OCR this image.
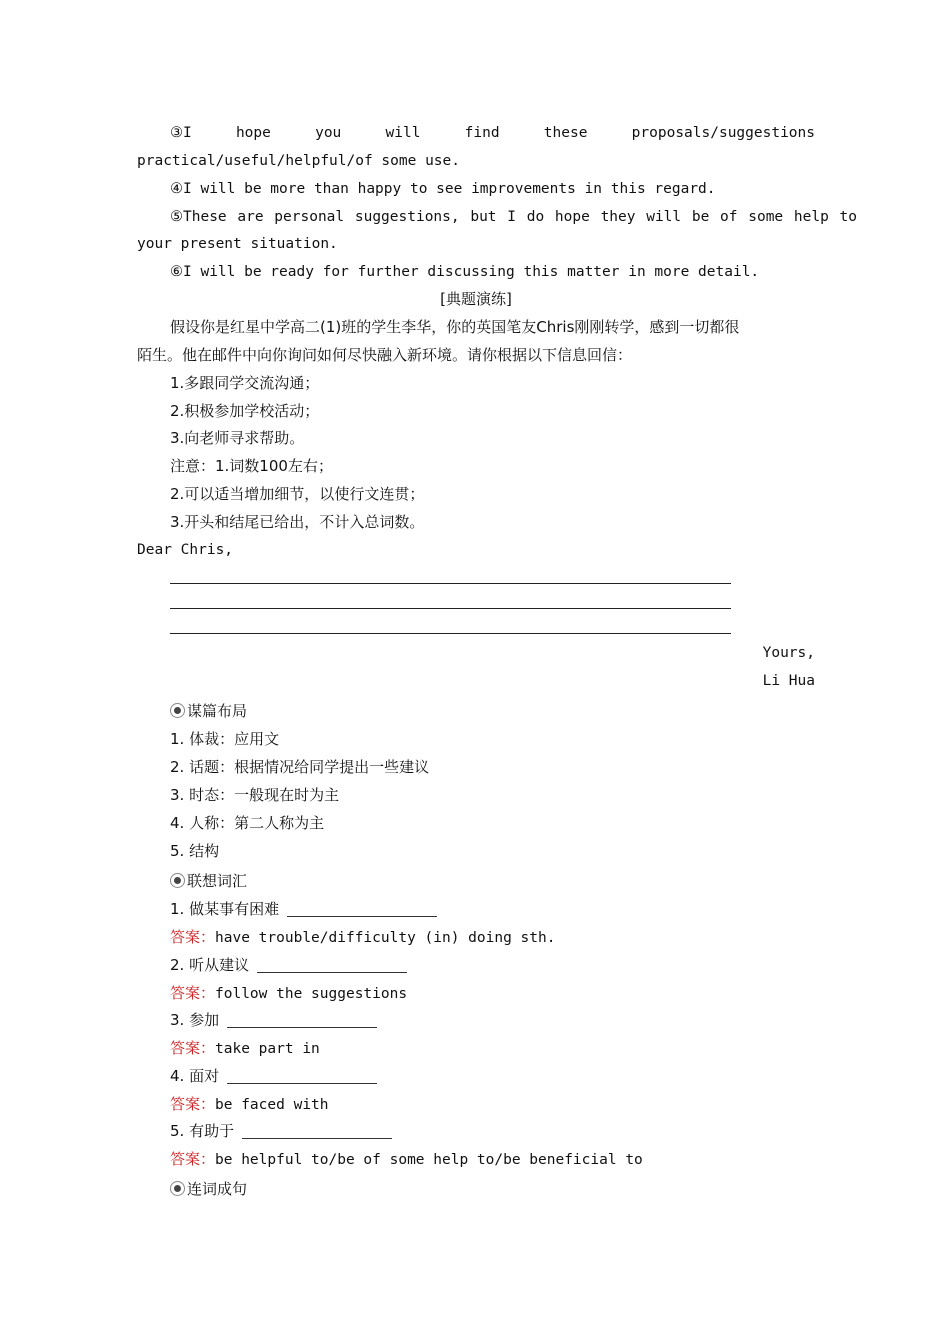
③I	hope	you	will	find	these	proposals/suggestions
practical/useful/helpful/of some use.
④I will be more than happy to see improvements in this regard.
⑤These are personal suggestions, but I do hope they will be of some help to
your present situation.
⑥I will be ready for further discussing this matter in more detail.
[典题演练]
假设你是红星中学高二(1)班的学生李华，你的英国笔友Chris刚刚转学，感到一切都很
陌生。他在邮件中向你询问如何尽快融入新环境。请你根据以下信息回信：
1.多跟同学交流沟通；
2.积极参加学校活动；
3.向老师寻求帮助。
注意：1.词数100左右；
2.可以适当增加细节，以使行文连贯；
3.开头和结尾已给出，不计入总词数。
Dear Chris,
Yours,
Li Hua
谋篇布局
1. 体裁：应用文
2. 话题：根据情况给同学提出一些建议
3. 时态：一般现在时为主
4. 人称：第二人称为主
5. 结构
联想词汇
1. 做某事有困难
答案：have trouble/difficulty (in) doing sth.
2. 听从建议
答案：follow the suggestions
3. 参加
答案：take part in
4. 面对
答案：be faced with
5. 有助于
答案：be helpful to/be of some help to/be beneficial to
连词成句
